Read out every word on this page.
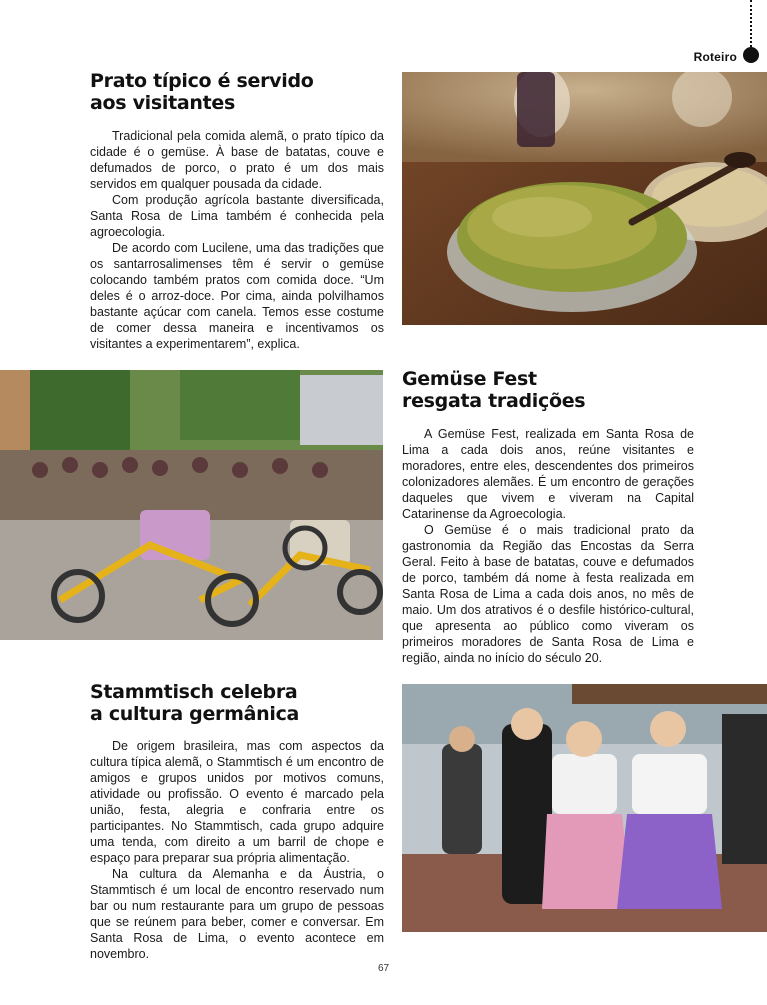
Roteiro
Prato típico é servido
aos visitantes

Tradicional pela comida alemã, o prato típico da cidade é o gemüse. À base de batatas, couve e defumados de porco, o prato é um dos mais servidos em qualquer pousada da cidade.

Com produção agrícola bastante diversificada, Santa Rosa de Lima também é conhecida pela agroecologia.

De acordo com Lucilene, uma das tradições que os santarrosalimenses têm é servir o gemüse colocando também pratos com comida doce. “Um deles é o arroz-doce. Por cima, ainda polvilhamos bastante açúcar com canela. Temos esse costume de comer dessa maneira e incentivamos os visitantes a experimentarem”, explica.

Gemüse Fest
resgata tradições

A Gemüse Fest, realizada em Santa Rosa de Lima a cada dois anos, reúne visitantes e moradores, entre eles, descendentes dos primeiros colonizadores alemães. É um encontro de gerações daqueles que vivem e viveram na Capital Catarinense da Agroecologia.

O Gemüse é o mais tradicional prato da gastronomia da Região das Encostas da Serra Geral. Feito à base de batatas, couve e defumados de porco, também dá nome à festa realizada em Santa Rosa de Lima a cada dois anos, no mês de maio. Um dos atrativos é o desfile histórico-cultural, que apresenta ao público como viveram os primeiros moradores de Santa Rosa de Lima e região, ainda no início do século 20.

Stammtisch celebra
a cultura germânica

De origem brasileira, mas com aspectos da cultura típica alemã, o Stammtisch é um encontro de amigos e grupos unidos por motivos comuns, atividade ou profissão. O evento é marcado pela união, festa, alegria e confraria entre os participantes. No Stammtisch, cada grupo adquire uma tenda, com direito a um barril de chope e espaço para preparar sua própria alimentação.

Na cultura da Alemanha e da Áustria, o Stammtisch é um local de encontro reservado num bar ou num restaurante para um grupo de pessoas que se reúnem para beber, comer e conversar. Em Santa Rosa de Lima, o evento acontece em novembro.

67
